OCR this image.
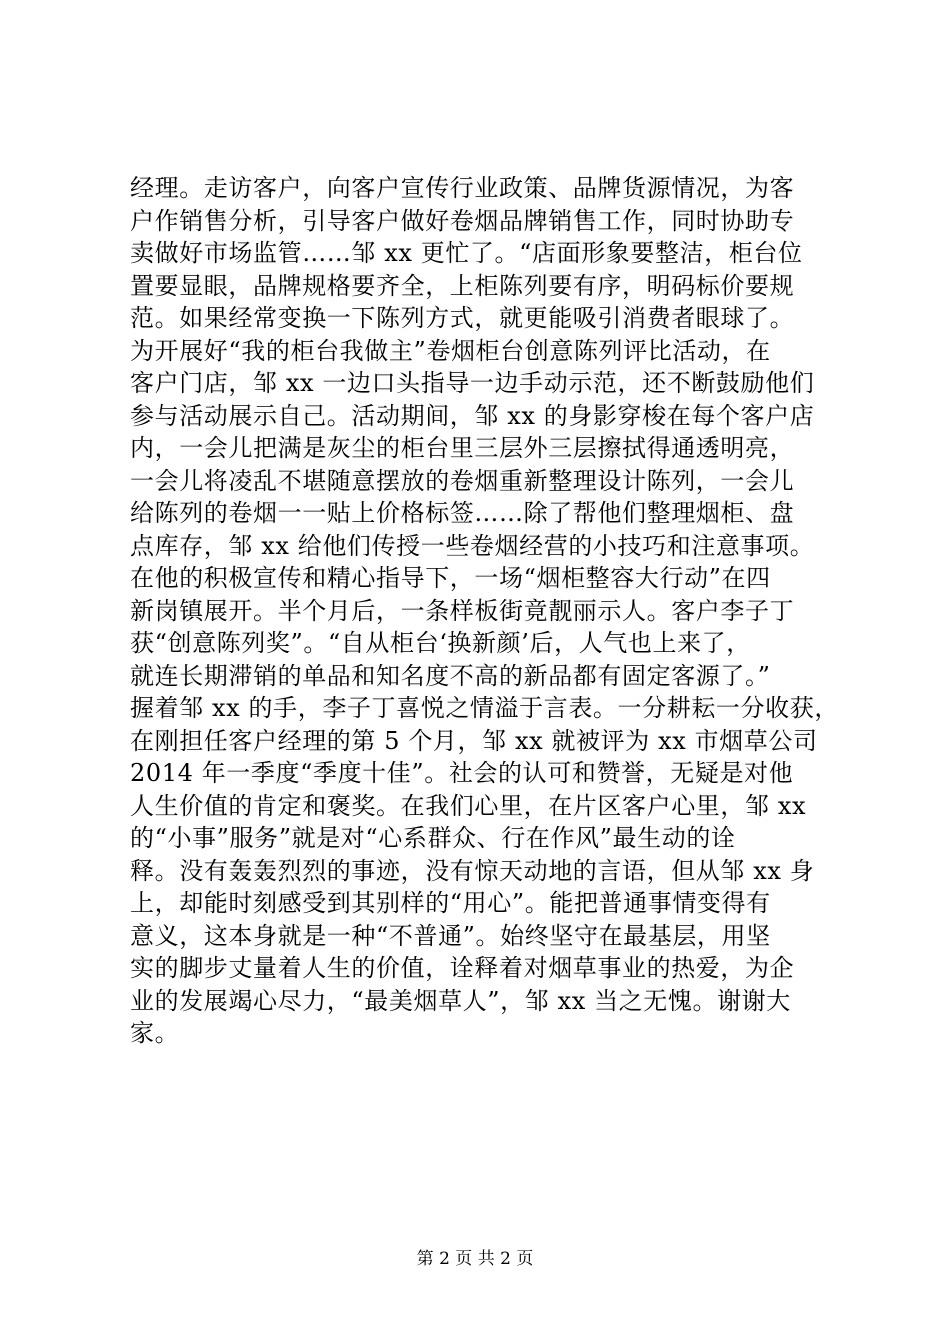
经理。走访客户，向客户宣传行业政策、品牌货源情况，为客
户作销售分析，引导客户做好卷烟品牌销售工作，同时协助专
卖做好市场监管……邹 xx 更忙了。“店面形象要整洁，柜台位
置要显眼，品牌规格要齐全，上柜陈列要有序，明码标价要规
范。如果经常变换一下陈列方式，就更能吸引消费者眼球了。
为开展好“我的柜台我做主”卷烟柜台创意陈列评比活动，在
客户门店，邹 xx 一边口头指导一边手动示范，还不断鼓励他们
参与活动展示自己。活动期间，邹 xx 的身影穿梭在每个客户店
内，一会儿把满是灰尘的柜台里三层外三层擦拭得通透明亮，
一会儿将凌乱不堪随意摆放的卷烟重新整理设计陈列，一会儿
给陈列的卷烟一一贴上价格标签……除了帮他们整理烟柜、盘
点库存，邹 xx 给他们传授一些卷烟经营的小技巧和注意事项。
在他的积极宣传和精心指导下，一场“烟柜整容大行动”在四
新岗镇展开。半个月后，一条样板街竟靓丽示人。客户李子丁
获“创意陈列奖”。“自从柜台‘换新颜’后，人气也上来了，
就连长期滞销的单品和知名度不高的新品都有固定客源了。”
握着邹 xx 的手，李子丁喜悦之情溢于言表。一分耕耘一分收获，
在刚担任客户经理的第 5 个月，邹 xx 就被评为 xx 市烟草公司
2014 年一季度“季度十佳”。社会的认可和赞誉，无疑是对他
人生价值的肯定和褒奖。在我们心里，在片区客户心里，邹 xx
的“小事”服务”就是对“心系群众、行在作风”最生动的诠
释。没有轰轰烈烈的事迹，没有惊天动地的言语，但从邹 xx 身
上，却能时刻感受到其别样的“用心”。能把普通事情变得有
意义，这本身就是一种“不普通”。始终坚守在最基层，用坚
实的脚步丈量着人生的价值，诠释着对烟草事业的热爱，为企
业的发展竭心尽力，“最美烟草人”，邹 xx 当之无愧。谢谢大
家。
第 2 页 共 2 页
